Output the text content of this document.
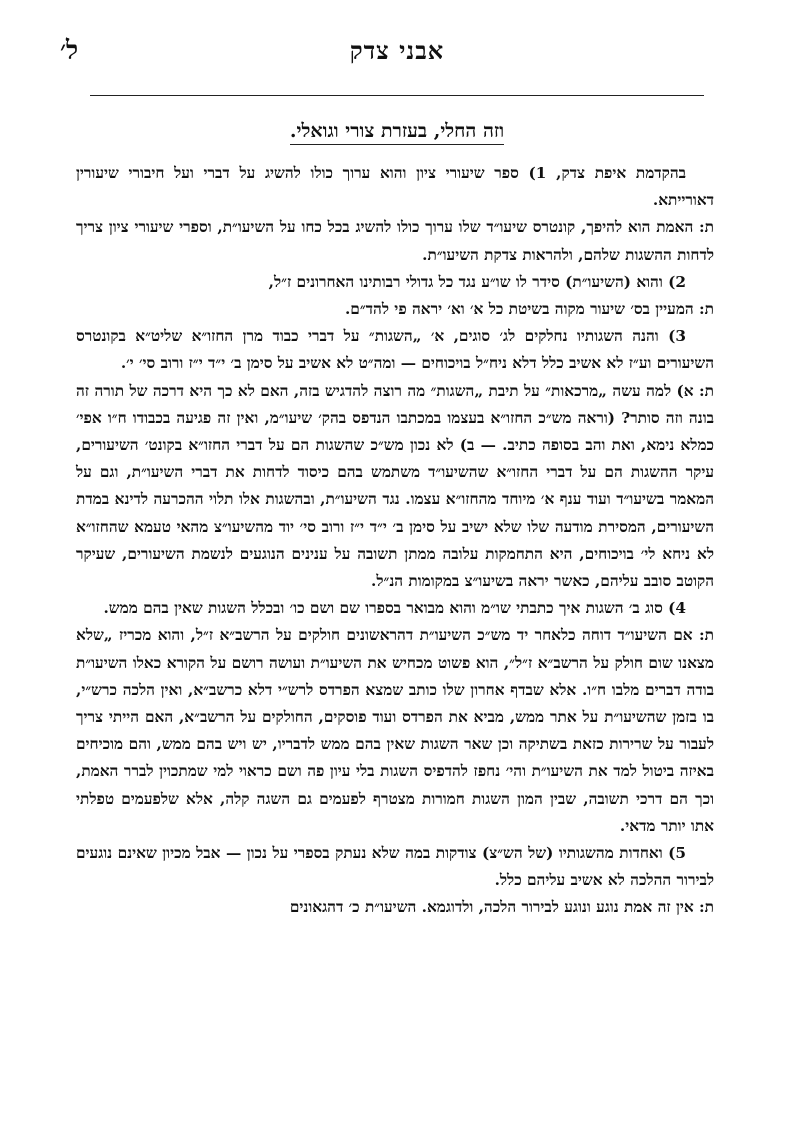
אבני צדק
ל׳
וזה החלי, בעזרת צורי וגואלי.

בהקדמת איפת צדק, 1) ספר שיעורי ציון והוא ערוך כולו להשיג על דברי ועל חיבורי שיעורין דאורייתא.

ת: האמת הוא להיפך, קונטרס שיעו״ד שלו ערוך כולו להשיג בכל כחו על השיעו״ת, וספרי שיעורי ציון צריך לדחות ההשגות שלהם, ולהראות צדקת השיעו״ת.

2) והוא (השיעו״ת) סידר לו שו״ע נגד כל גדולי רבותינו האחרונים ז״ל,

ת: המעיין בס׳ שיעור מקוה בשיטת כל א׳ וא׳ יראה פי להד״ם.

3) והנה השגותיו נחלקים לג׳ סוגים, א׳ „השגות״ על דברי כבוד מרן החזו״א שליט״א בקונטרס השיעורים וע״ז לא אשיב כלל דלא ניח״ל בויכוחים — ומה״ט לא אשיב על סימן ב׳ י״ד י״ז ורוב סי׳ י׳.

ת: א) למה עשה „מרכאות״ על תיבת „השגות״ מה רוצה להדגיש בזה, האם לא כך היא דרכה של תורה זה בונה וזה סותר? (וראה מש״כ החזו״א בעצמו במכתבו הנדפס בהק׳ שיעו״מ, ואין זה פגיעה בכבודו ח״ו אפי׳ כמלא נימא, ואת והב בסופה כתיב. — ב) לא נכון מש״כ שהשגות הם על דברי החזו״א בקונט׳ השיעורים, עיקר ההשגות הם על דברי החזו״א שהשיעו״ד משתמש בהם כיסוד לדחות את דברי השיעו״ת, וגם על המאמר בשיעו״ד ועוד ענף א׳ מיוחד מהחזו״א עצמו. נגד השיעו״ת, ובהשגות אלו תלוי ההכרעה לדינא במדת השיעורים, המסירת מודעה שלו שלא ישיב על סימן ב׳ י״ד י״ז ורוב סי׳ יוד מהשיעו״צ מהאי טעמא שהחזו״א לא ניחא לי׳ בויכוחים, היא התחמקות עלובה ממתן תשובה על ענינים הנוגעים לנשמת השיעורים, שעיקר הקוטב סובב עליהם, כאשר יראה בשיעו״צ במקומות הנ״ל.

4) סוג ב׳ השגות איך כתבתי שו״מ והוא מבואר בספרו שם ושם כו׳ ובכלל השגות שאין בהם ממש.

ת: אם השיעו״ד דוחה כלאחר יד מש״כ השיעו״ת דהראשונים חולקים על הרשב״א ז״ל, והוא מכריז „שלא מצאנו שום חולק על הרשב״א ז״ל״, הוא פשוט מכחיש את השיעו״ת ועושה רושם על הקורא כאלו השיעו״ת בודה דברים מלבו ח״ו. אלא שבדף אחרון שלו כותב שמצא הפרדס לרש״י דלא כרשב״א, ואין הלכה כרש״י, בו בזמן שהשיעו״ת על אתר ממש, מביא את הפרדס ועוד פוסקים, החולקים על הרשב״א, האם הייתי צריך לעבור על שרירות כזאת בשתיקה וכן שאר השגות שאין בהם ממש לדבריו, יש ויש בהם ממש, והם מוכיחים באיזה ביטול למד את השיעו״ת והי׳ נחפז להדפיס השגות בלי עיון פה ושם כראוי למי שמתכוין לברר האמת, וכך הם דרכי תשובה, שבין המון השגות חמורות מצטרף לפעמים גם השגה קלה, אלא שלפעמים טפלתי אתו יותר מדאי.

5) ואחדות מהשגותיו (של הש״צ) צודקות במה שלא נעתק בספרי על נכון — אבל מכיון שאינם נוגעים לבירור ההלכה לא אשיב עליהם כלל.

ת: אין זה אמת נוגע ונוגע לבירור הלכה, ולדוגמא. השיעו״ת כ׳ דהגאונים
